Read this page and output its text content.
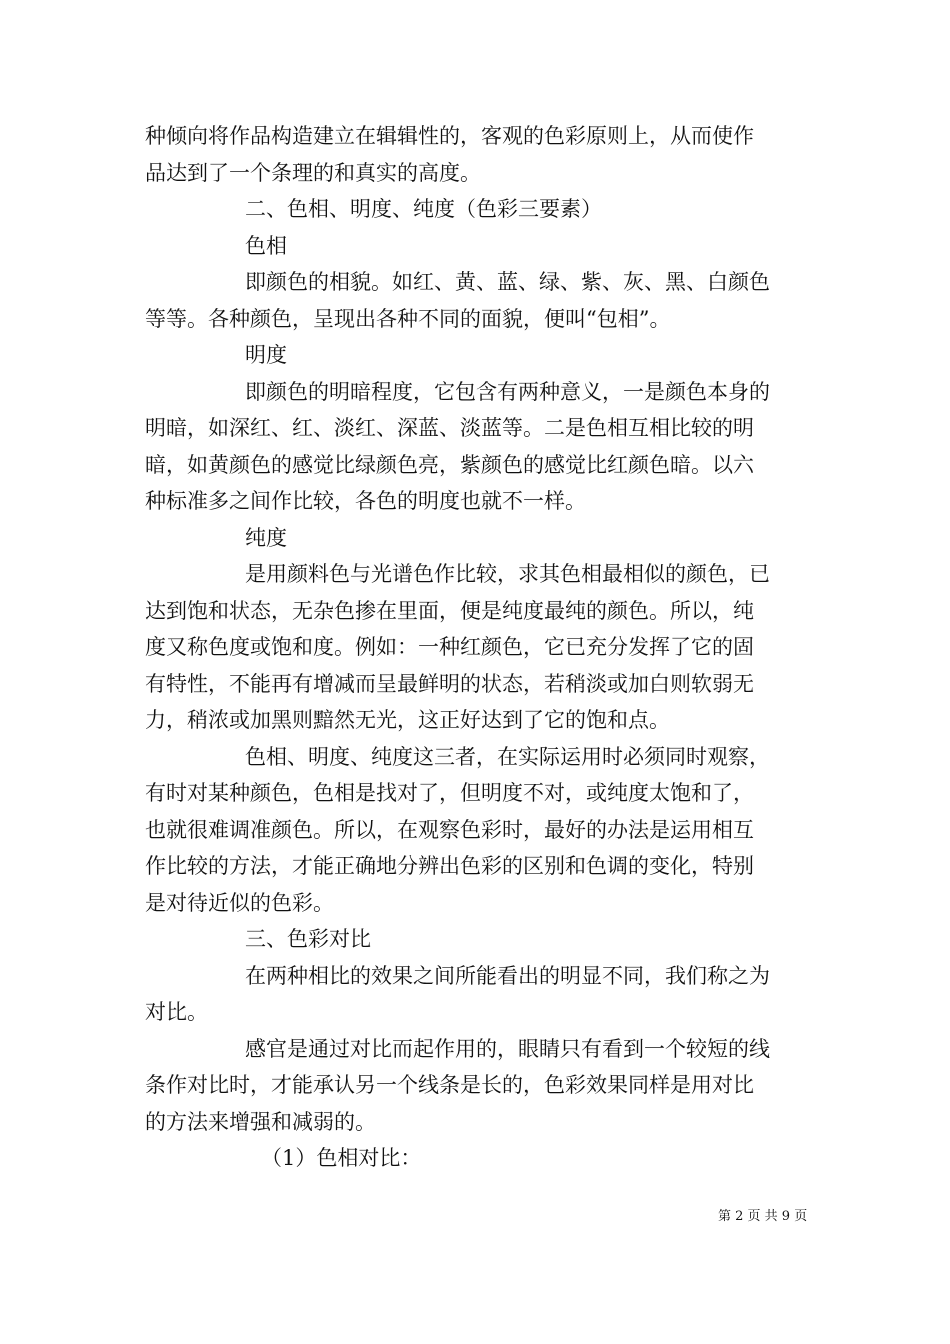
种倾向将作品构造建立在辑辑性的，客观的色彩原则上，从而使作
品达到了一个条理的和真实的高度。
二、色相、明度、纯度（色彩三要素）
色相
即颜色的相貌。如红、黄、蓝、绿、紫、灰、黑、白颜色
等等。各种颜色，呈现出各种不同的面貌，便叫“包相”。
明度
即颜色的明暗程度，它包含有两种意义，一是颜色本身的
明暗，如深红、红、淡红、深蓝、淡蓝等。二是色相互相比较的明
暗，如黄颜色的感觉比绿颜色亮，紫颜色的感觉比红颜色暗。以六
种标准多之间作比较，各色的明度也就不一样。
纯度
是用颜料色与光谱色作比较，求其色相最相似的颜色，已
达到饱和状态，无杂色掺在里面，便是纯度最纯的颜色。所以，纯
度又称色度或饱和度。例如：一种红颜色，它已充分发挥了它的固
有特性，不能再有增减而呈最鲜明的状态，若稍淡或加白则软弱无
力，稍浓或加黑则黯然无光，这正好达到了它的饱和点。
色相、明度、纯度这三者，在实际运用时必须同时观察，
有时对某种颜色，色相是找对了，但明度不对，或纯度太饱和了，
也就很难调准颜色。所以，在观察色彩时，最好的办法是运用相互
作比较的方法，才能正确地分辨出色彩的区别和色调的变化，特别
是对待近似的色彩。
三、色彩对比
在两种相比的效果之间所能看出的明显不同，我们称之为
对比。
感官是通过对比而起作用的，眼睛只有看到一个较短的线
条作对比时，才能承认另一个线条是长的，色彩效果同样是用对比
的方法来增强和减弱的。
（1）色相对比：
第 2 页 共 9 页
